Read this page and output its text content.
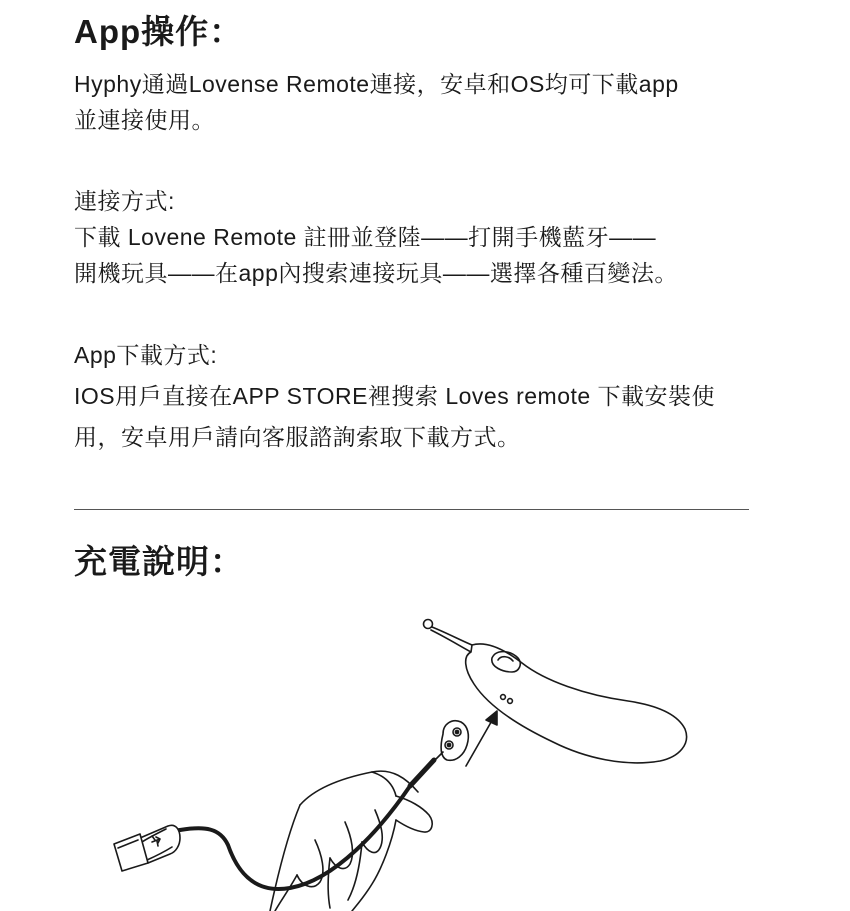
App操作：

Hyphy通過Lovense Remote連接，安卓和OS均可下載app

並連接使用。

連接方式:

下載 Lovene Remote 註冊並登陸——打開手機藍牙——

開機玩具——在app內搜索連接玩具——選擇各種百變法。

App下載方式:

IOS用戶直接在APP STORE裡搜索 Loves remote 下載安裝使

用，安卓用戶請向客服諮詢索取下載方式。

充電說明：
